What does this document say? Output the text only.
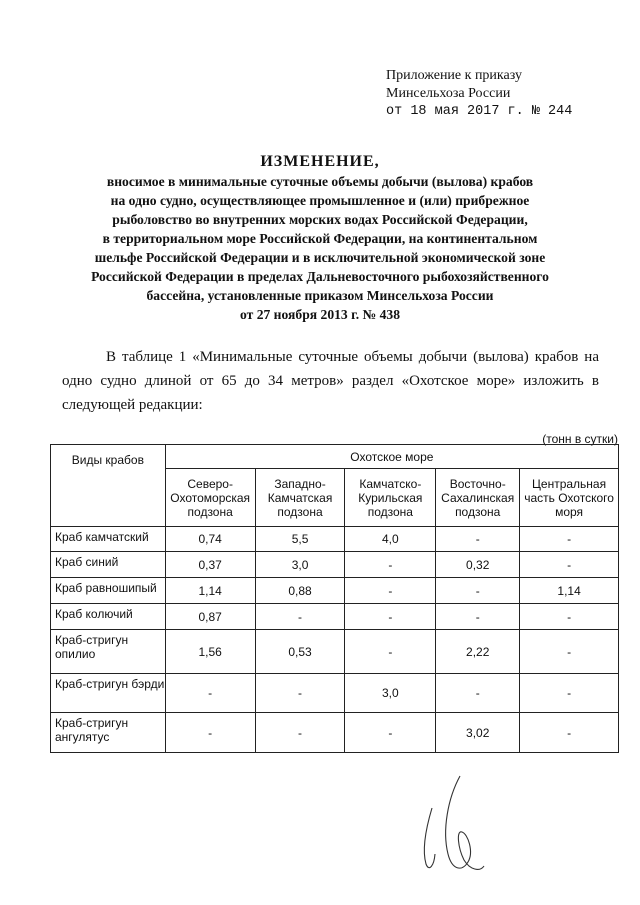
Приложение к приказу
Минсельхоза России
от 18 мая 2017 г. № 244
ИЗМЕНЕНИЕ,
вносимое в минимальные суточные объемы добычи (вылова) крабов
на одно судно, осуществляющее промышленное и (или) прибрежное
рыболовство во внутренних морских водах Российской Федерации,
в территориальном море Российской Федерации, на континентальном
шельфе Российской Федерации и в исключительной экономической зоне
Российской Федерации в пределах Дальневосточного рыбохозяйственного
бассейна, установленные приказом Минсельхоза России
от 27 ноября 2013 г. № 438
В таблице 1 «Минимальные суточные объемы добычи (вылова) крабов на одно судно длиной от 65 до 34 метров» раздел «Охотское море» изложить в следующей редакции:
(тонн в сутки)
Виды крабов	Охотское море				
	Северо-Охотоморская подзона	Западно-Камчатская подзона	Камчатско-Курильская подзона	Восточно-Сахалинская подзона	Центральная часть Охотского моря
Краб камчатский	0,74	5,5	4,0	-	-
Краб синий	0,37	3,0	-	0,32	-
Краб равношипый	1,14	0,88	-	-	1,14
Краб колючий	0,87	-	-	-	-
Краб-стригун опилио	1,56	0,53	-	2,22	-
Краб-стригун бэрди	-	-	3,0	-	-
Краб-стригун ангулятус	-	-	-	3,02	-
